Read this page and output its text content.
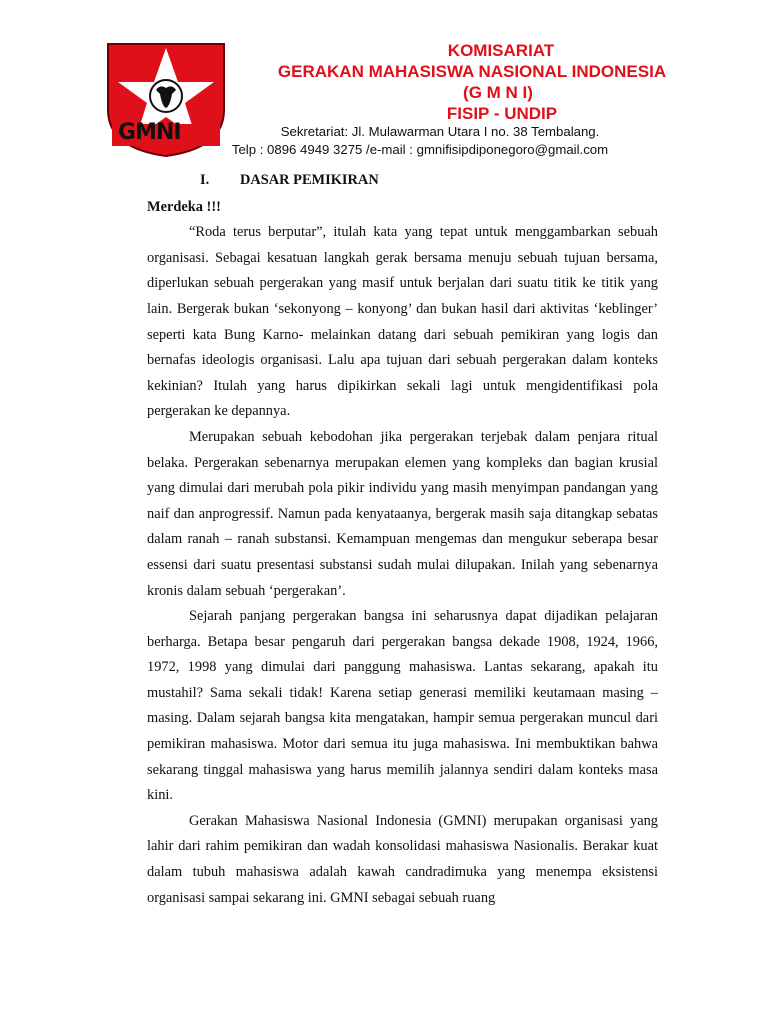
GMNI
KOMISARIAT
GERAKAN MAHASISWA NASIONAL INDONESIA
(G M N I)
FISIP - UNDIP
Sekretariat: Jl. Mulawarman Utara I no. 38 Tembalang.
Telp : 0896 4949 3275 /e-mail : gmnifisipdiponegoro@gmail.com
I. DASAR PEMIKIRAN
Merdeka !!!

“Roda terus berputar”, itulah kata yang tepat untuk menggambarkan sebuah organisasi. Sebagai kesatuan langkah gerak bersama menuju sebuah tujuan bersama, diperlukan sebuah pergerakan yang masif untuk berjalan dari suatu titik ke titik yang lain. Bergerak bukan ‘sekonyong – konyong’ dan bukan hasil dari aktivitas ‘keblinger’ seperti kata Bung Karno- melainkan datang dari sebuah pemikiran yang logis dan bernafas ideologis organisasi. Lalu apa tujuan dari sebuah pergerakan dalam konteks kekinian? Itulah yang harus dipikirkan sekali lagi untuk mengidentifikasi pola pergerakan ke depannya.

Merupakan sebuah kebodohan jika pergerakan terjebak dalam penjara ritual belaka. Pergerakan sebenarnya merupakan elemen yang kompleks dan bagian krusial yang dimulai dari merubah pola pikir individu yang masih menyimpan pandangan yang naif dan anprogressif. Namun pada kenyataanya, bergerak masih saja ditangkap sebatas dalam ranah – ranah substansi. Kemampuan mengemas dan mengukur seberapa besar essensi dari suatu presentasi substansi sudah mulai dilupakan. Inilah yang sebenarnya kronis dalam sebuah ‘pergerakan’.

Sejarah panjang pergerakan bangsa ini seharusnya dapat dijadikan pelajaran berharga. Betapa besar pengaruh dari pergerakan bangsa dekade 1908, 1924, 1966, 1972, 1998 yang dimulai dari panggung mahasiswa. Lantas sekarang, apakah itu mustahil? Sama sekali tidak! Karena setiap generasi memiliki keutamaan masing – masing. Dalam sejarah bangsa kita mengatakan, hampir semua pergerakan muncul dari pemikiran mahasiswa. Motor dari semua itu juga mahasiswa. Ini membuktikan bahwa sekarang tinggal mahasiswa yang harus memilih jalannya sendiri dalam konteks masa kini.

Gerakan Mahasiswa Nasional Indonesia (GMNI) merupakan organisasi yang lahir dari rahim pemikiran dan wadah konsolidasi mahasiswa Nasionalis. Berakar kuat dalam tubuh mahasiswa adalah kawah candradimuka yang menempa eksistensi organisasi sampai sekarang ini. GMNI sebagai sebuah ruang
